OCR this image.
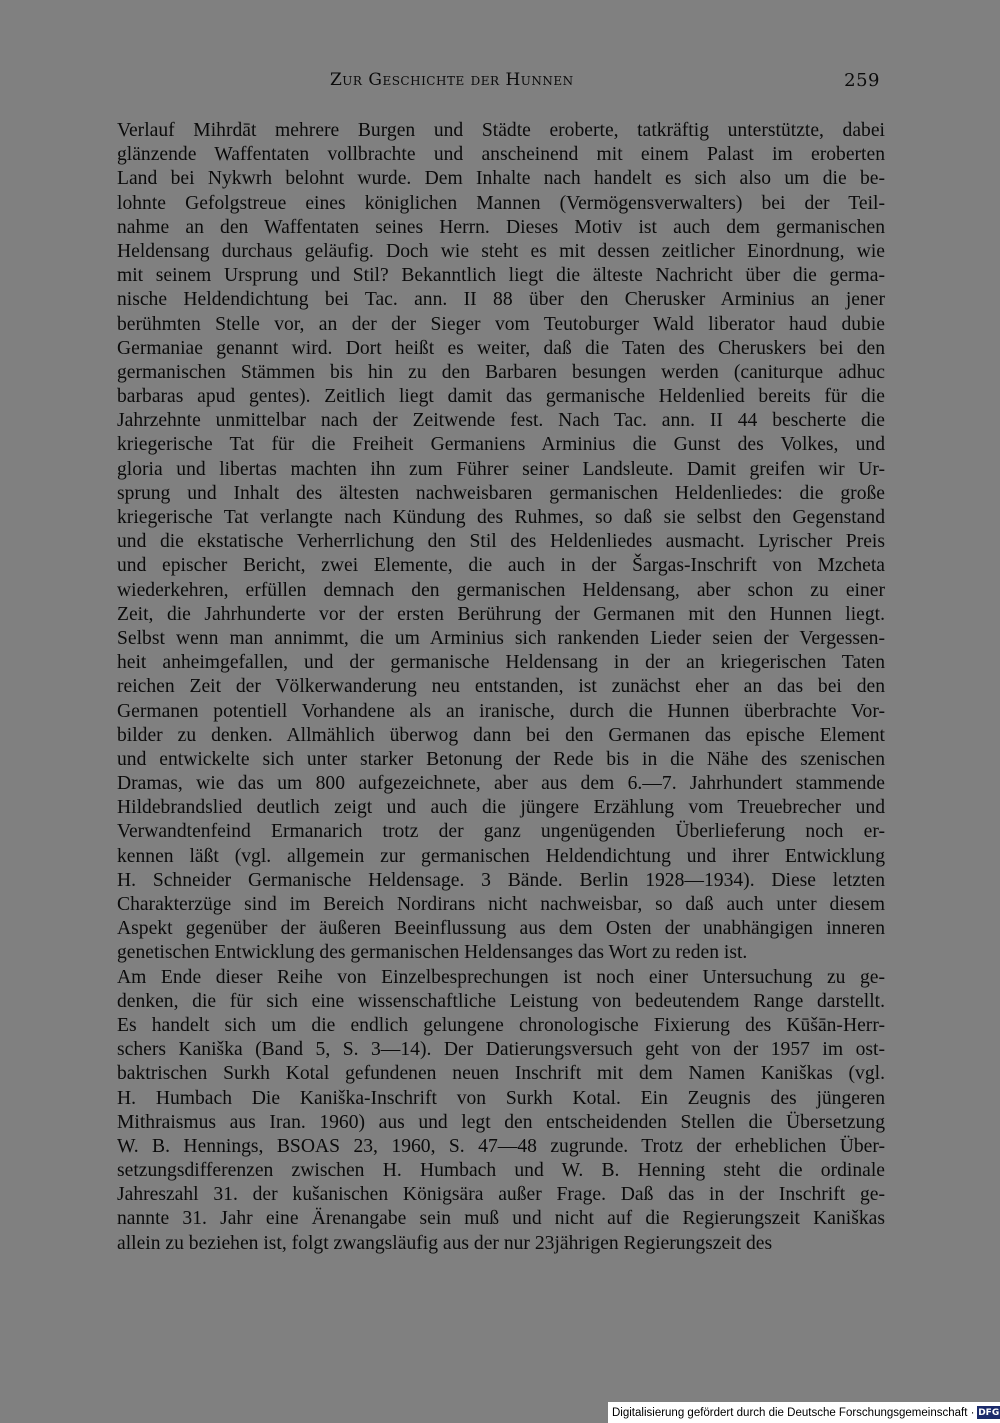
Zur Geschichte der Hunnen	259
Verlauf Mihrdāt mehrere Burgen und Städte eroberte, tatkräftig unterstützte, dabei
glänzende Waffentaten vollbrachte und anscheinend mit einem Palast im eroberten
Land bei Nykwrh belohnt wurde. Dem Inhalte nach handelt es sich also um die be-
lohnte Gefolgstreue eines königlichen Mannen (Vermögensverwalters) bei der Teil-
nahme an den Waffentaten seines Herrn. Dieses Motiv ist auch dem germanischen
Heldensang durchaus geläufig. Doch wie steht es mit dessen zeitlicher Einordnung, wie
mit seinem Ursprung und Stil? Bekanntlich liegt die älteste Nachricht über die germa-
nische Heldendichtung bei Tac. ann. II 88 über den Cherusker Arminius an jener
berühmten Stelle vor, an der der Sieger vom Teutoburger Wald liberator haud dubie
Germaniae genannt wird. Dort heißt es weiter, daß die Taten des Cheruskers bei den
germanischen Stämmen bis hin zu den Barbaren besungen werden (caniturque adhuc
barbaras apud gentes). Zeitlich liegt damit das germanische Heldenlied bereits für die
Jahrzehnte unmittelbar nach der Zeitwende fest. Nach Tac. ann. II 44 bescherte die
kriegerische Tat für die Freiheit Germaniens Arminius die Gunst des Volkes, und
gloria und libertas machten ihn zum Führer seiner Landsleute. Damit greifen wir Ur-
sprung und Inhalt des ältesten nachweisbaren germanischen Heldenliedes: die große
kriegerische Tat verlangte nach Kündung des Ruhmes, so daß sie selbst den Gegenstand
und die ekstatische Verherrlichung den Stil des Heldenliedes ausmacht. Lyrischer Preis
und epischer Bericht, zwei Elemente, die auch in der Šargas-Inschrift von Mzcheta
wiederkehren, erfüllen demnach den germanischen Heldensang, aber schon zu einer
Zeit, die Jahrhunderte vor der ersten Berührung der Germanen mit den Hunnen liegt.
Selbst wenn man annimmt, die um Arminius sich rankenden Lieder seien der Vergessen-
heit anheimgefallen, und der germanische Heldensang in der an kriegerischen Taten
reichen Zeit der Völkerwanderung neu entstanden, ist zunächst eher an das bei den
Germanen potentiell Vorhandene als an iranische, durch die Hunnen überbrachte Vor-
bilder zu denken. Allmählich überwog dann bei den Germanen das epische Element
und entwickelte sich unter starker Betonung der Rede bis in die Nähe des szenischen
Dramas, wie das um 800 aufgezeichnete, aber aus dem 6.—7. Jahrhundert stammende
Hildebrandslied deutlich zeigt und auch die jüngere Erzählung vom Treuebrecher und
Verwandtenfeind Ermanarich trotz der ganz ungenügenden Überlieferung noch er-
kennen läßt (vgl. allgemein zur germanischen Heldendichtung und ihrer Entwicklung
H. Schneider Germanische Heldensage. 3 Bände. Berlin 1928—1934). Diese letzten
Charakterzüge sind im Bereich Nordirans nicht nachweisbar, so daß auch unter diesem
Aspekt gegenüber der äußeren Beeinflussung aus dem Osten der unabhängigen inneren
genetischen Entwicklung des germanischen Heldensanges das Wort zu reden ist.
Am Ende dieser Reihe von Einzelbesprechungen ist noch einer Untersuchung zu ge-
denken, die für sich eine wissenschaftliche Leistung von bedeutendem Range darstellt.
Es handelt sich um die endlich gelungene chronologische Fixierung des Kūšān-Herr-
schers Kaniška (Band 5, S. 3—14). Der Datierungsversuch geht von der 1957 im ost-
baktrischen Surkh Kotal gefundenen neuen Inschrift mit dem Namen Kaniškas (vgl.
H. Humbach Die Kaniška-Inschrift von Surkh Kotal. Ein Zeugnis des jüngeren
Mithraismus aus Iran. 1960) aus und legt den entscheidenden Stellen die Übersetzung
W. B. Hennings, BSOAS 23, 1960, S. 47—48 zugrunde. Trotz der erheblichen Über-
setzungsdifferenzen zwischen H. Humbach und W. B. Henning steht die ordinale
Jahreszahl 31. der kušanischen Königsära außer Frage. Daß das in der Inschrift ge-
nannte 31. Jahr eine Ärenangabe sein muß und nicht auf die Regierungszeit Kaniškas
allein zu beziehen ist, folgt zwangsläufig aus der nur 23jährigen Regierungszeit des
Digitalisierung gefördert durch die Deutsche Forschungsgemeinschaft · DFG
